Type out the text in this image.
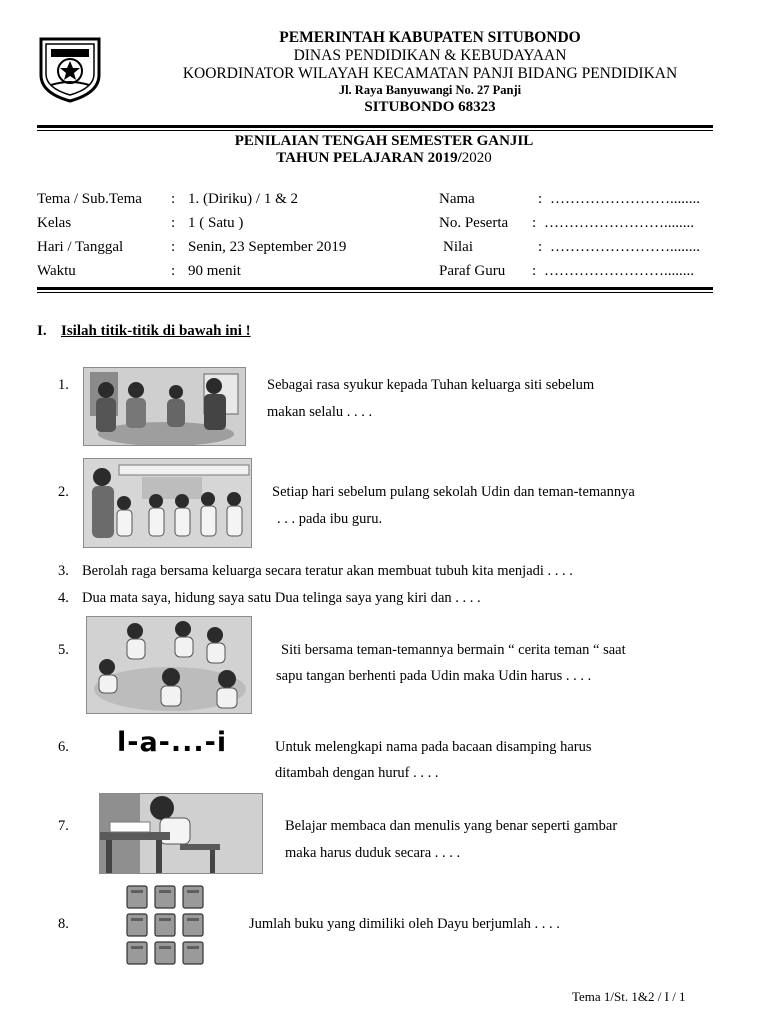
PEMERINTAH KABUPATEN SITUBONDO
DINAS PENDIDIKAN & KEBUDAYAAN
KOORDINATOR WILAYAH KECAMATAN PANJI BIDANG PENDIDIKAN
Jl. Raya Banyuwangi No. 27 Panji
SITUBONDO 68323
PENILAIAN TENGAH SEMESTER GANJIL
TAHUN PELAJARAN 2019/2020
Tema / Sub.Tema : 1. (Diriku) / 1 & 2
Kelas	: 1 ( Satu )
Hari / Tanggal	: Senin, 23 September 2019
Waktu	: 90 menit
Nama	: ……………………........
No. Peserta : ……………………........
Nilai	: ……………………........
Paraf Guru : ……………………........
I. Isilah titik-titik di bawah ini !
1.	Sebagai rasa syukur kepada Tuhan keluarga siti sebelum
makan selalu . . . .
2.	Setiap hari sebelum pulang sekolah Udin dan teman-temannya
. . . pada ibu guru.
3. Berolah raga bersama keluarga secara teratur akan membuat tubuh kita menjadi . . . .
4. Dua mata saya, hidung saya satu Dua telinga saya yang kiri dan . . . .
5.	Siti bersama teman-temannya bermain “ cerita teman “ saat
sapu tangan berhenti pada Udin maka Udin harus . . . .
6. l-a-...-i	Untuk melengkapi nama pada bacaan disamping harus
ditambah dengan huruf . . . .
7.	Belajar membaca dan menulis yang benar seperti gambar
maka harus duduk secara . . . .
8.	Jumlah buku yang dimiliki oleh Dayu berjumlah . . . .
Tema 1/St. 1&2 / I / 1
